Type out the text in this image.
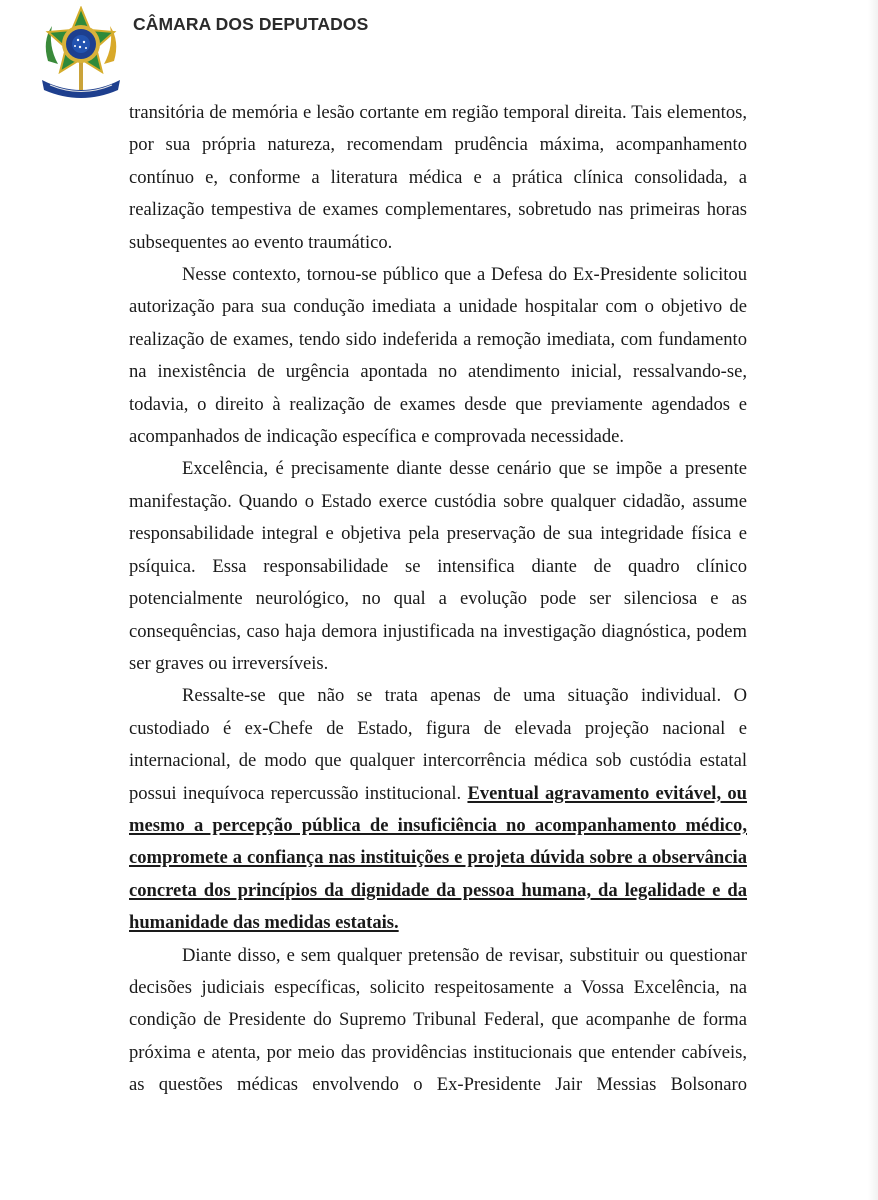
CÂMARA DOS DEPUTADOS

transitória de memória e lesão cortante em região temporal direita. Tais elementos, por sua própria natureza, recomendam prudência máxima, acompanhamento contínuo e, conforme a literatura médica e a prática clínica consolidada, a realização tempestiva de exames complementares, sobretudo nas primeiras horas subsequentes ao evento traumático.

Nesse contexto, tornou-se público que a Defesa do Ex-Presidente solicitou autorização para sua condução imediata a unidade hospitalar com o objetivo de realização de exames, tendo sido indeferida a remoção imediata, com fundamento na inexistência de urgência apontada no atendimento inicial, ressalvando-se, todavia, o direito à realização de exames desde que previamente agendados e acompanhados de indicação específica e comprovada necessidade.

Excelência, é precisamente diante desse cenário que se impõe a presente manifestação. Quando o Estado exerce custódia sobre qualquer cidadão, assume responsabilidade integral e objetiva pela preservação de sua integridade física e psíquica. Essa responsabilidade se intensifica diante de quadro clínico potencialmente neurológico, no qual a evolução pode ser silenciosa e as consequências, caso haja demora injustificada na investigação diagnóstica, podem ser graves ou irreversíveis.

Ressalte-se que não se trata apenas de uma situação individual. O custodiado é ex-Chefe de Estado, figura de elevada projeção nacional e internacional, de modo que qualquer intercorrência médica sob custódia estatal possui inequívoca repercussão institucional. Eventual agravamento evitável, ou mesmo a percepção pública de insuficiência no acompanhamento médico, compromete a confiança nas instituições e projeta dúvida sobre a observância concreta dos princípios da dignidade da pessoa humana, da legalidade e da humanidade das medidas estatais.

Diante disso, e sem qualquer pretensão de revisar, substituir ou questionar decisões judiciais específicas, solicito respeitosamente a Vossa Excelência, na condição de Presidente do Supremo Tribunal Federal, que acompanhe de forma próxima e atenta, por meio das providências institucionais que entender cabíveis, as questões médicas envolvendo o Ex-Presidente Jair Messias Bolsonaro
